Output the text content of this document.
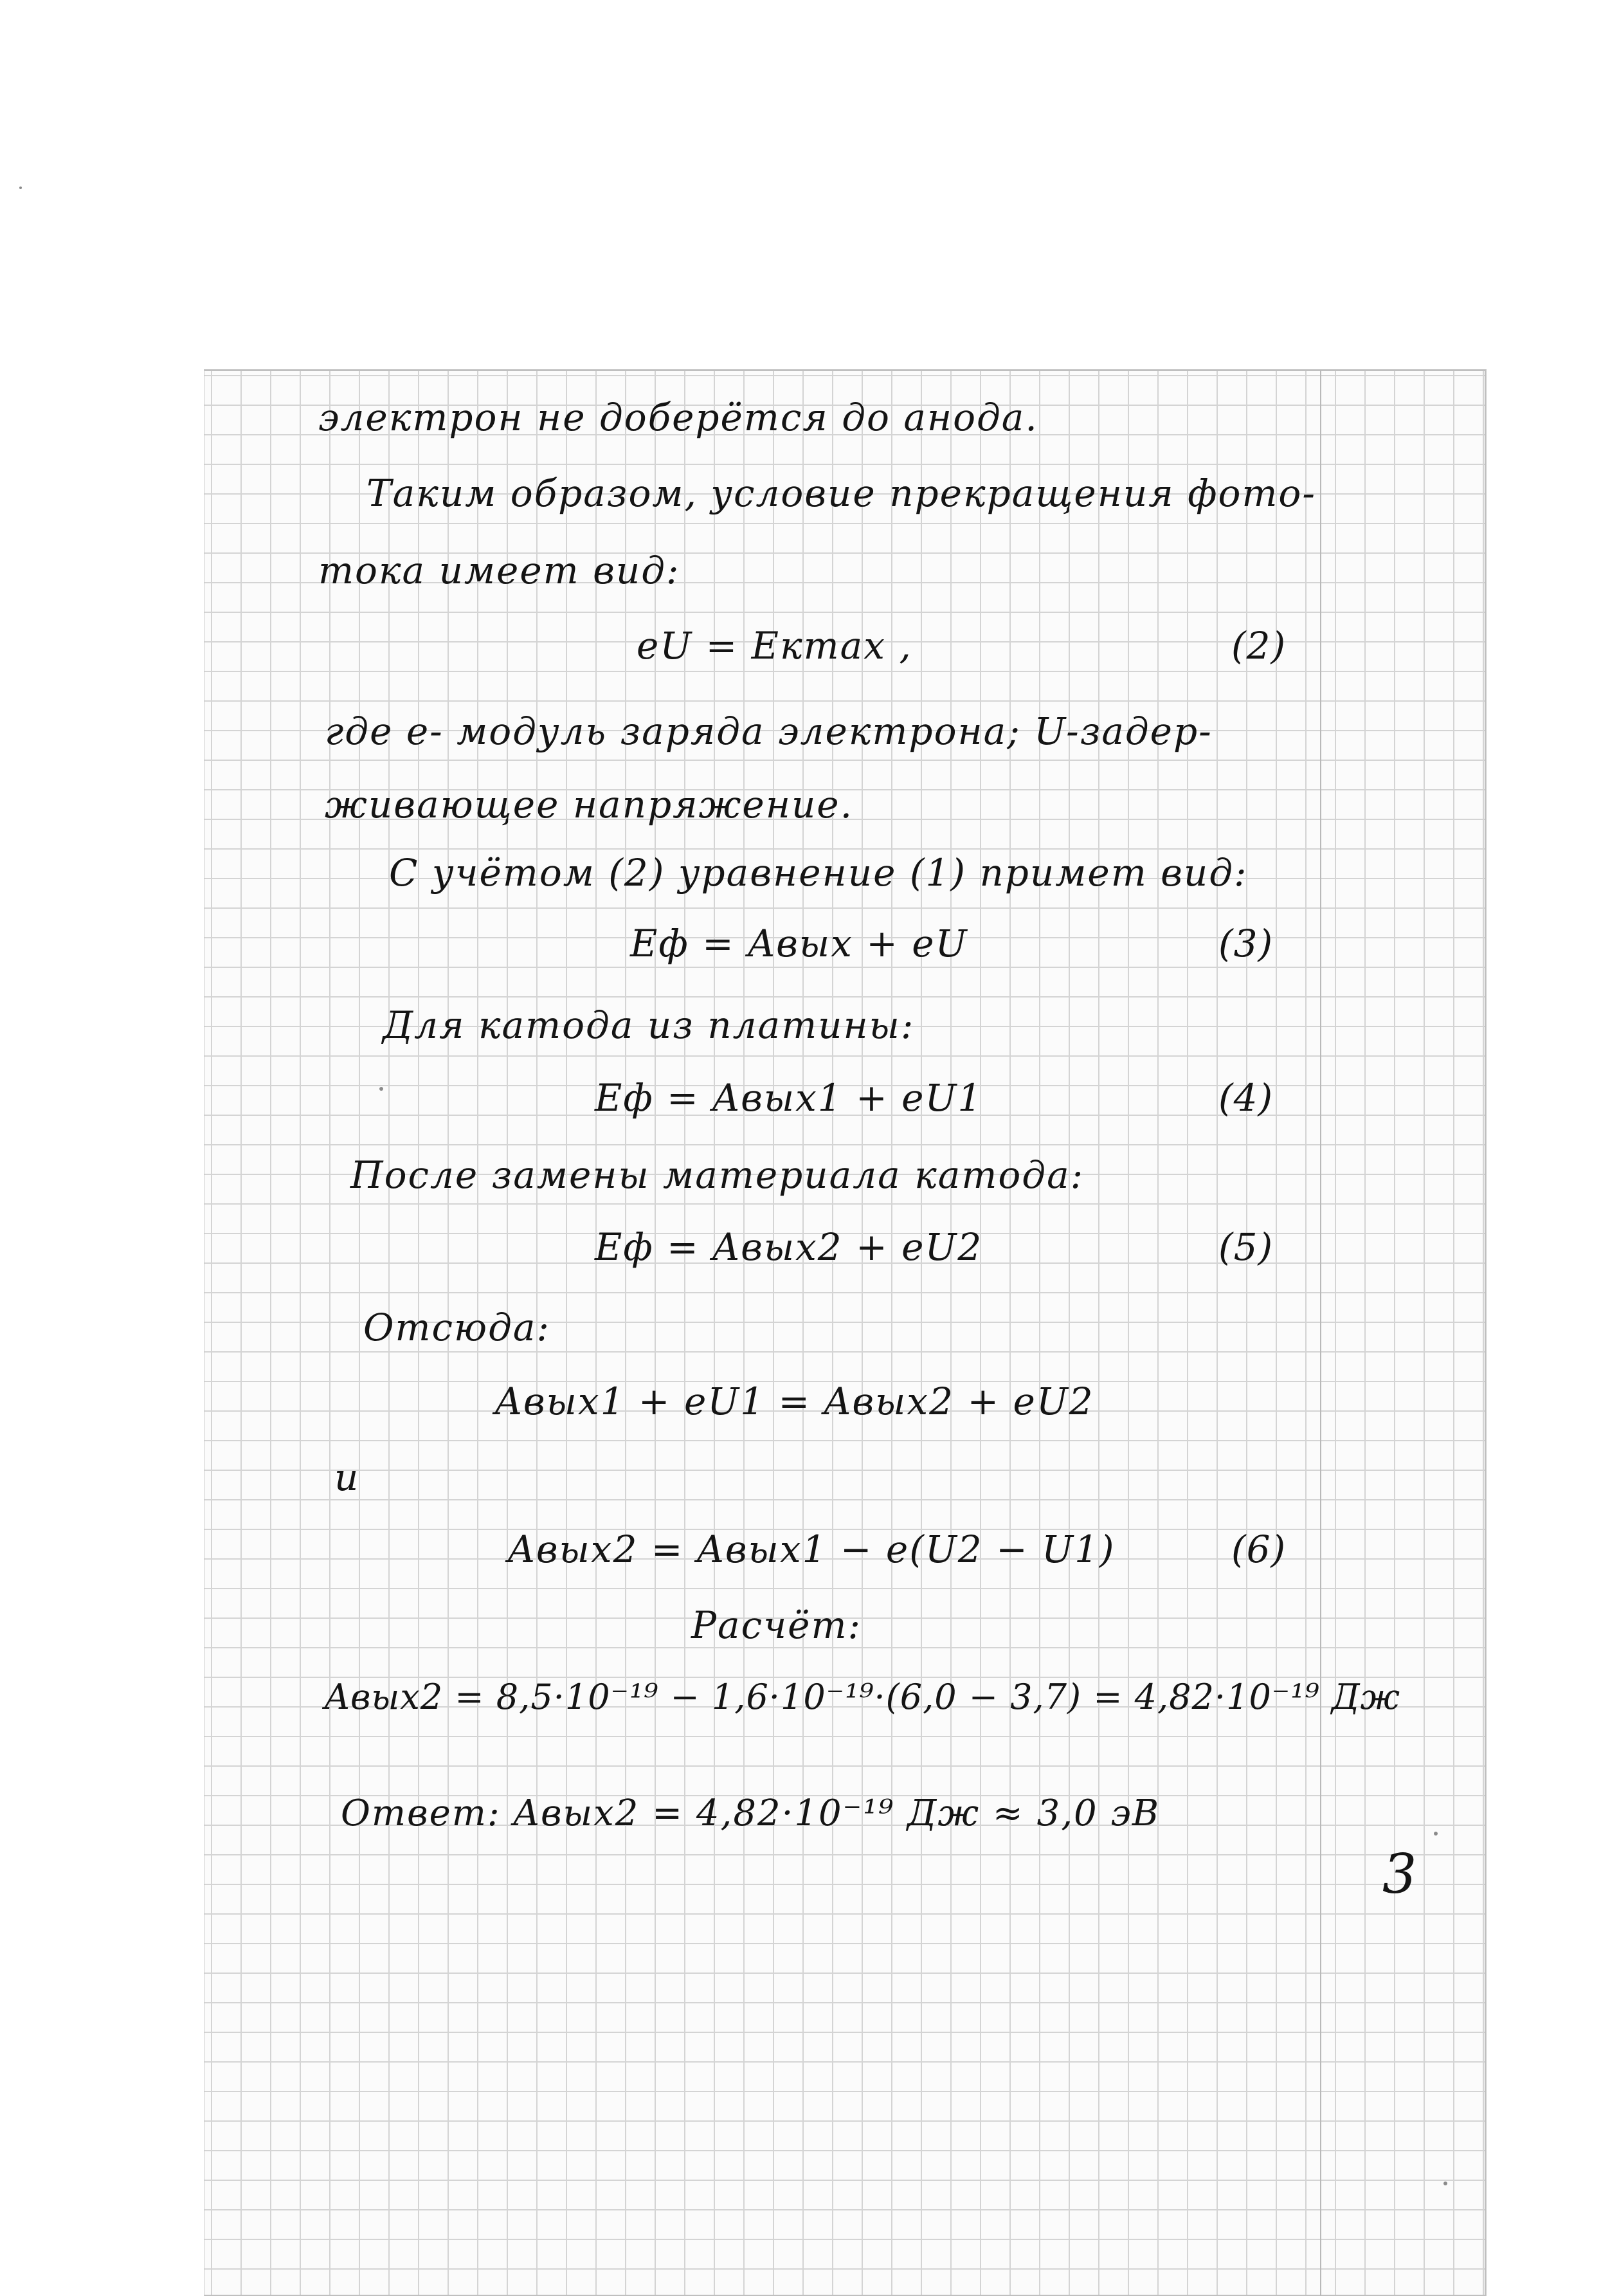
электрон не доберётся до анода.
Таким образом, условие прекращения фото-
тока имеет вид:
eU = Eкmax ,	(2)
где e- модуль заряда электрона; U-задер-
живающее напряжение.
С учётом (2) уравнение (1) примет вид:
Eф = Aвых + eU	(3)
Для катода из платины:
Eф = Aвых1 + eU1	(4)
После замены материала катода:
Eф = Aвых2 + eU2	(5)
Отсюда:
Aвых1 + eU1 = Aвых2 + eU2
и
Aвых2 = Aвых1 − e(U2 − U1)	(6)
Расчёт:
Aвых2 = 8,5·10⁻¹⁹ − 1,6·10⁻¹⁹·(6,0 − 3,7) = 4,82·10⁻¹⁹ Дж
Ответ: Aвых2 = 4,82·10⁻¹⁹ Дж ≈ 3,0 эВ
3
